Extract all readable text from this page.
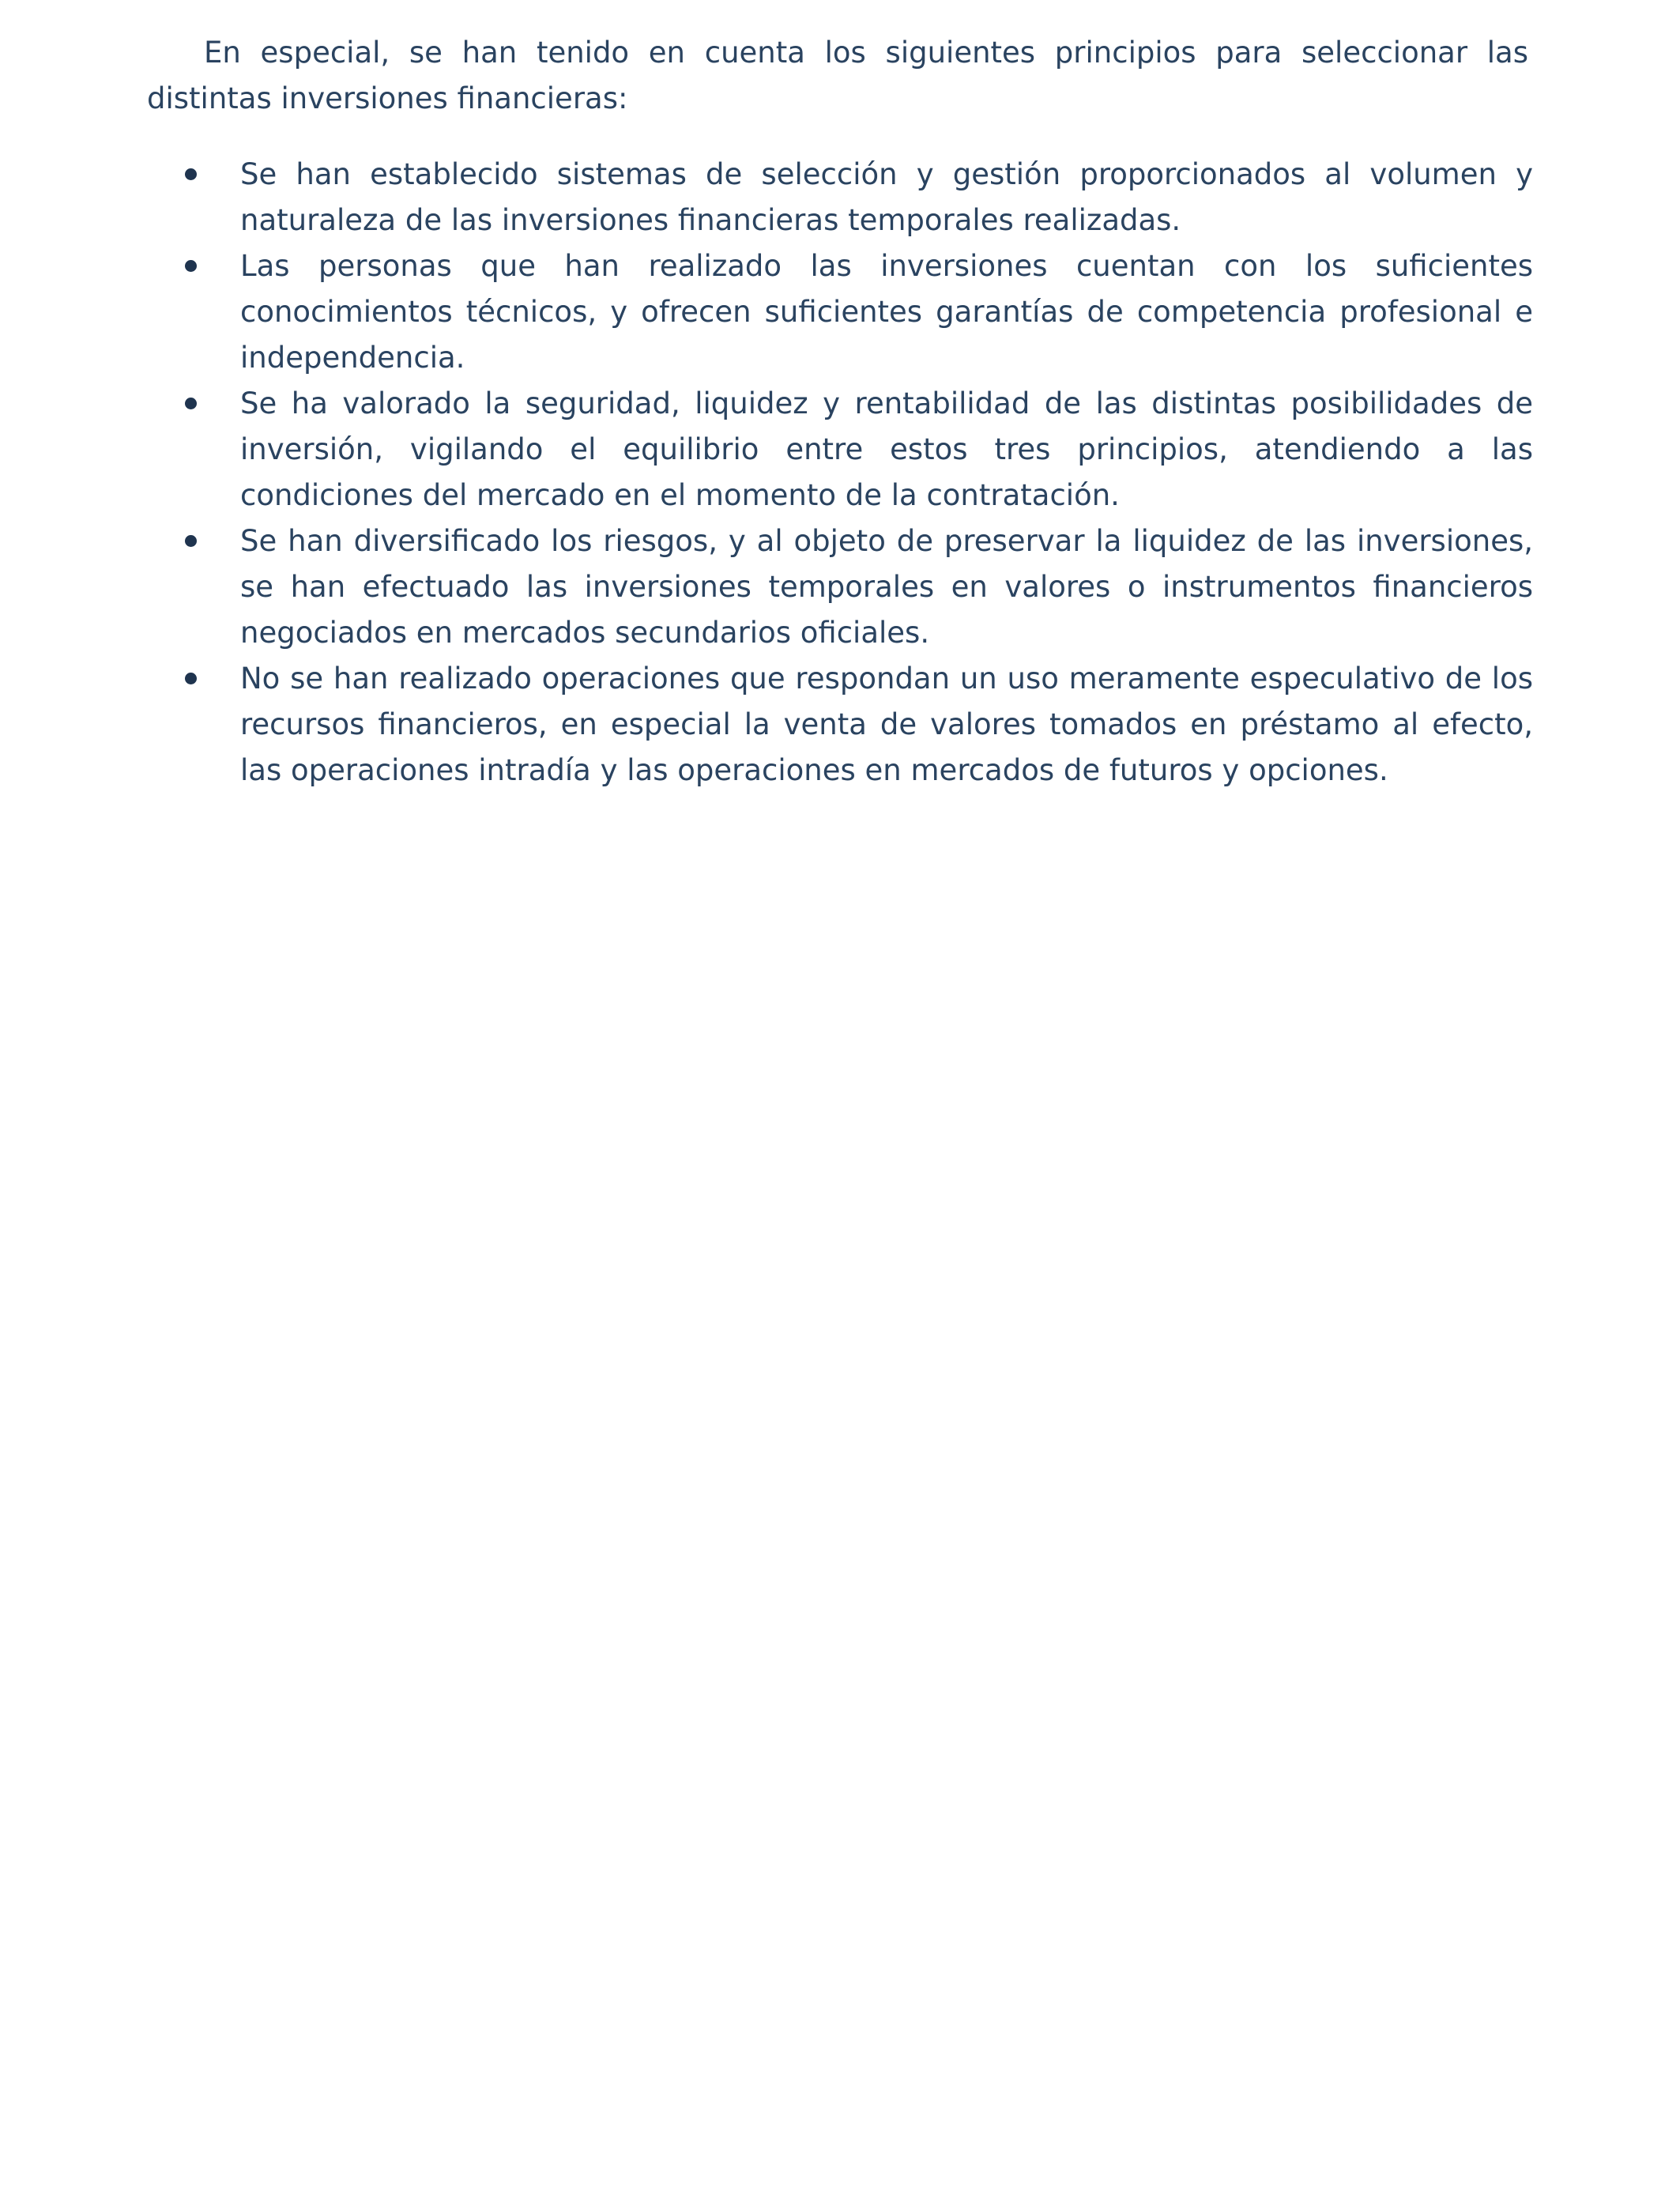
En especial, se han tenido en cuenta los siguientes principios para seleccionar las distintas inversiones financieras:

Se han establecido sistemas de selección y gestión proporcionados al volumen y naturaleza de las inversiones financieras temporales realizadas.
Las personas que han realizado las inversiones cuentan con los suficientes conocimientos técnicos, y ofrecen suficientes garantías de competencia profesional e independencia.
Se ha valorado la seguridad, liquidez y rentabilidad de las distintas posibilidades de inversión, vigilando el equilibrio entre estos tres principios, atendiendo a las condiciones del mercado en el momento de la contratación.
Se han diversificado los riesgos, y al objeto de preservar la liquidez de las inversiones, se han efectuado las inversiones temporales en valores o instrumentos financieros negociados en mercados secundarios oficiales.
No se han realizado operaciones que respondan un uso meramente especulativo de los recursos financieros, en especial la venta de valores tomados en préstamo al efecto, las operaciones intradía y las operaciones en mercados de futuros y opciones.
